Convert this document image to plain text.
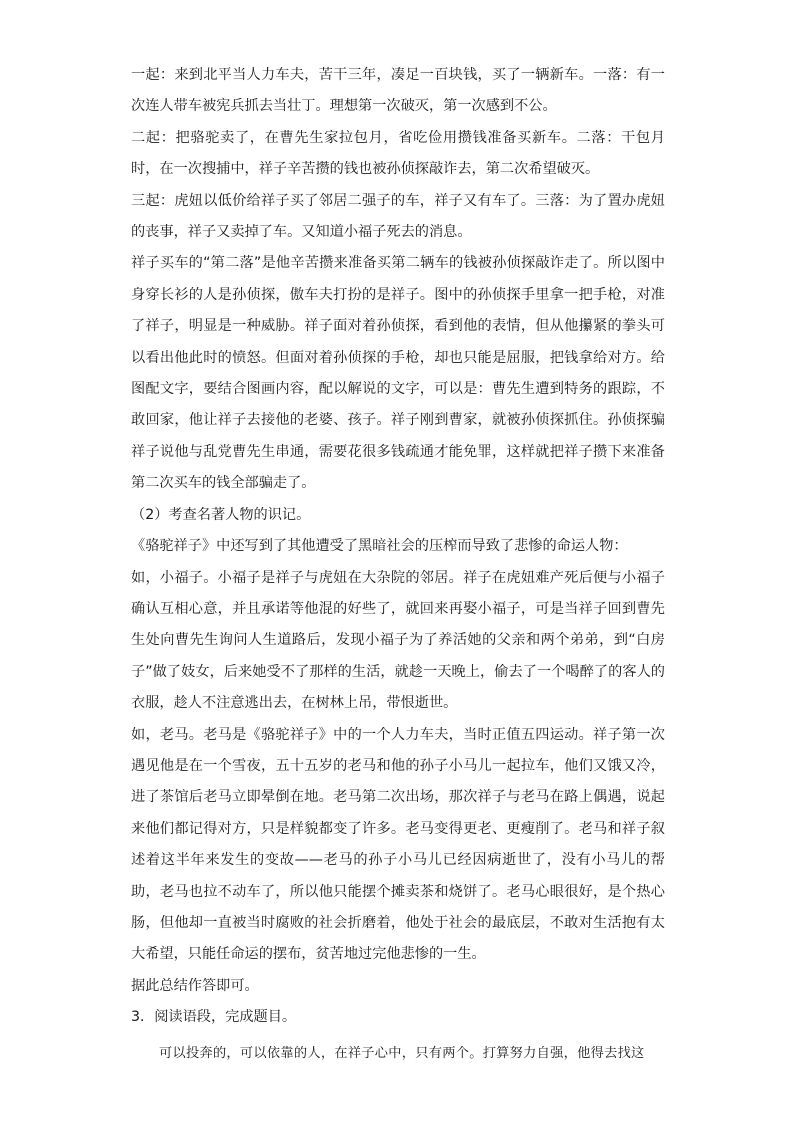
一起：来到北平当人力车夫，苦干三年，凑足一百块钱，买了一辆新车。一落：有一次连人带车被宪兵抓去当壮丁。理想第一次破灭，第一次感到不公。

二起：把骆驼卖了，在曹先生家拉包月，省吃俭用攒钱准备买新车。二落：干包月时，在一次搜捕中，祥子辛苦攒的钱也被孙侦探敲诈去，第二次希望破灭。

三起：虎妞以低价给祥子买了邻居二强子的车，祥子又有车了。三落：为了置办虎妞的丧事，祥子又卖掉了车。又知道小福子死去的消息。

祥子买车的“第二落”是他辛苦攒来准备买第二辆车的钱被孙侦探敲诈走了。所以图中身穿长衫的人是孙侦探，傲车夫打扮的是祥子。图中的孙侦探手里拿一把手枪，对准了祥子，明显是一种威胁。祥子面对着孙侦探，看到他的表情，但从他攥紧的拳头可以看出他此时的愤怒。但面对着孙侦探的手枪，却也只能是屈服，把钱拿给对方。给图配文字，要结合图画内容，配以解说的文字，可以是：曹先生遭到特务的跟踪，不敢回家，他让祥子去接他的老婆、孩子。祥子刚到曹家，就被孙侦探抓住。孙侦探骗祥子说他与乱党曹先生串通，需要花很多钱疏通才能免罪，这样就把祥子攒下来准备第二次买车的钱全部骗走了。

（2）考查名著人物的识记。

《骆驼祥子》中还写到了其他遭受了黑暗社会的压榨而导致了悲惨的命运人物：

如，小福子。小福子是祥子与虎妞在大杂院的邻居。祥子在虎妞难产死后便与小福子确认互相心意，并且承诺等他混的好些了，就回来再娶小福子，可是当祥子回到曹先生处向曹先生询问人生道路后，发现小福子为了养活她的父亲和两个弟弟，到“白房子”做了妓女，后来她受不了那样的生活，就趁一天晚上，偷去了一个喝醉了的客人的衣服，趁人不注意逃出去，在树林上吊，带恨逝世。

如，老马。老马是《骆驼祥子》中的一个人力车夫，当时正值五四运动。祥子第一次遇见他是在一个雪夜，五十五岁的老马和他的孙子小马儿一起拉车，他们又饿又冷，进了茶馆后老马立即晕倒在地。老马第二次出场，那次祥子与老马在路上偶遇，说起来他们都记得对方，只是样貌都变了许多。老马变得更老、更瘦削了。老马和祥子叙述着这半年来发生的变故——老马的孙子小马儿已经因病逝世了，没有小马儿的帮助，老马也拉不动车了，所以他只能摆个摊卖茶和烧饼了。老马心眼很好，是个热心肠，但他却一直被当时腐败的社会折磨着，他处于社会的最底层，不敢对生活抱有太大希望，只能任命运的摆布，贫苦地过完他悲惨的一生。

据此总结作答即可。

3．阅读语段，完成题目。

可以投奔的，可以依靠的人，在祥子心中，只有两个。打算努力自强，他得去找这
